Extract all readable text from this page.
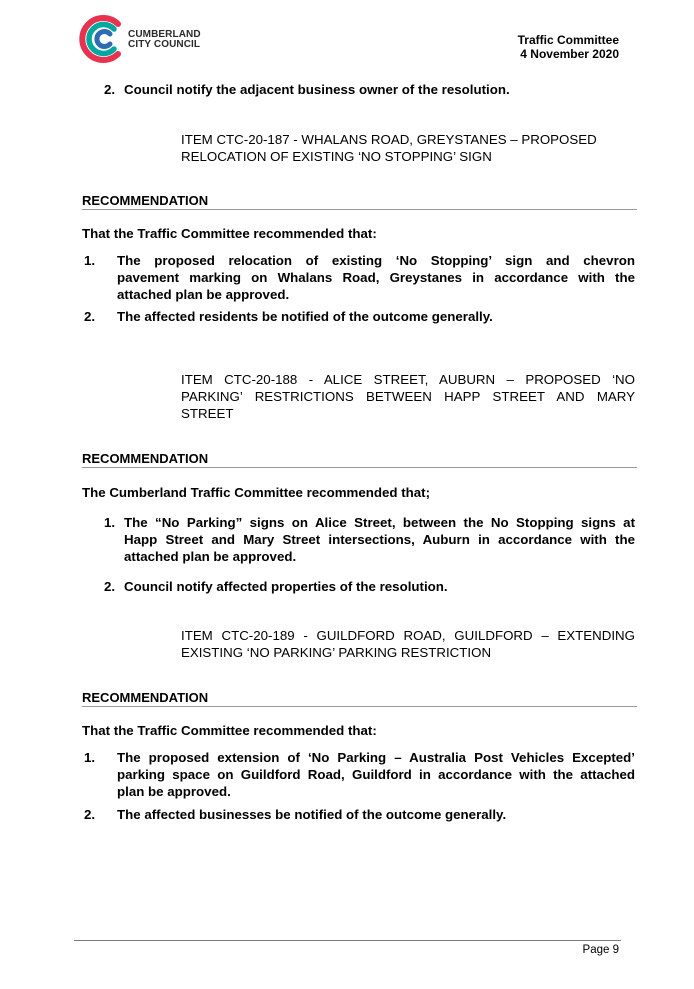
CUMBERLAND
CITY COUNCIL	Traffic Committee
4 November 2020
2. Council notify the adjacent business owner of the resolution.
ITEM CTC-20-187 - WHALANS ROAD, GREYSTANES – PROPOSED
RELOCATION OF EXISTING ‘NO STOPPING’ SIGN
RECOMMENDATION
That the Traffic Committee recommended that:
1. The proposed relocation of existing ‘No Stopping’ sign and chevron
pavement marking on Whalans Road, Greystanes in accordance with the
attached plan be approved.
2. The affected residents be notified of the outcome generally.
ITEM CTC-20-188 - ALICE STREET, AUBURN – PROPOSED ‘NO
PARKING’ RESTRICTIONS BETWEEN HAPP STREET AND MARY
STREET
RECOMMENDATION
The Cumberland Traffic Committee recommended that;
1. The “No Parking” signs on Alice Street, between the No Stopping signs at
Happ Street and Mary Street intersections, Auburn in accordance with the
attached plan be approved.
2. Council notify affected properties of the resolution.
ITEM CTC-20-189 - GUILDFORD ROAD, GUILDFORD – EXTENDING
EXISTING ‘NO PARKING’ PARKING RESTRICTION
RECOMMENDATION
That the Traffic Committee recommended that:
1. The proposed extension of ‘No Parking – Australia Post Vehicles Excepted’
parking space on Guildford Road, Guildford in accordance with the attached
plan be approved.
2. The affected businesses be notified of the outcome generally.
Page 9
